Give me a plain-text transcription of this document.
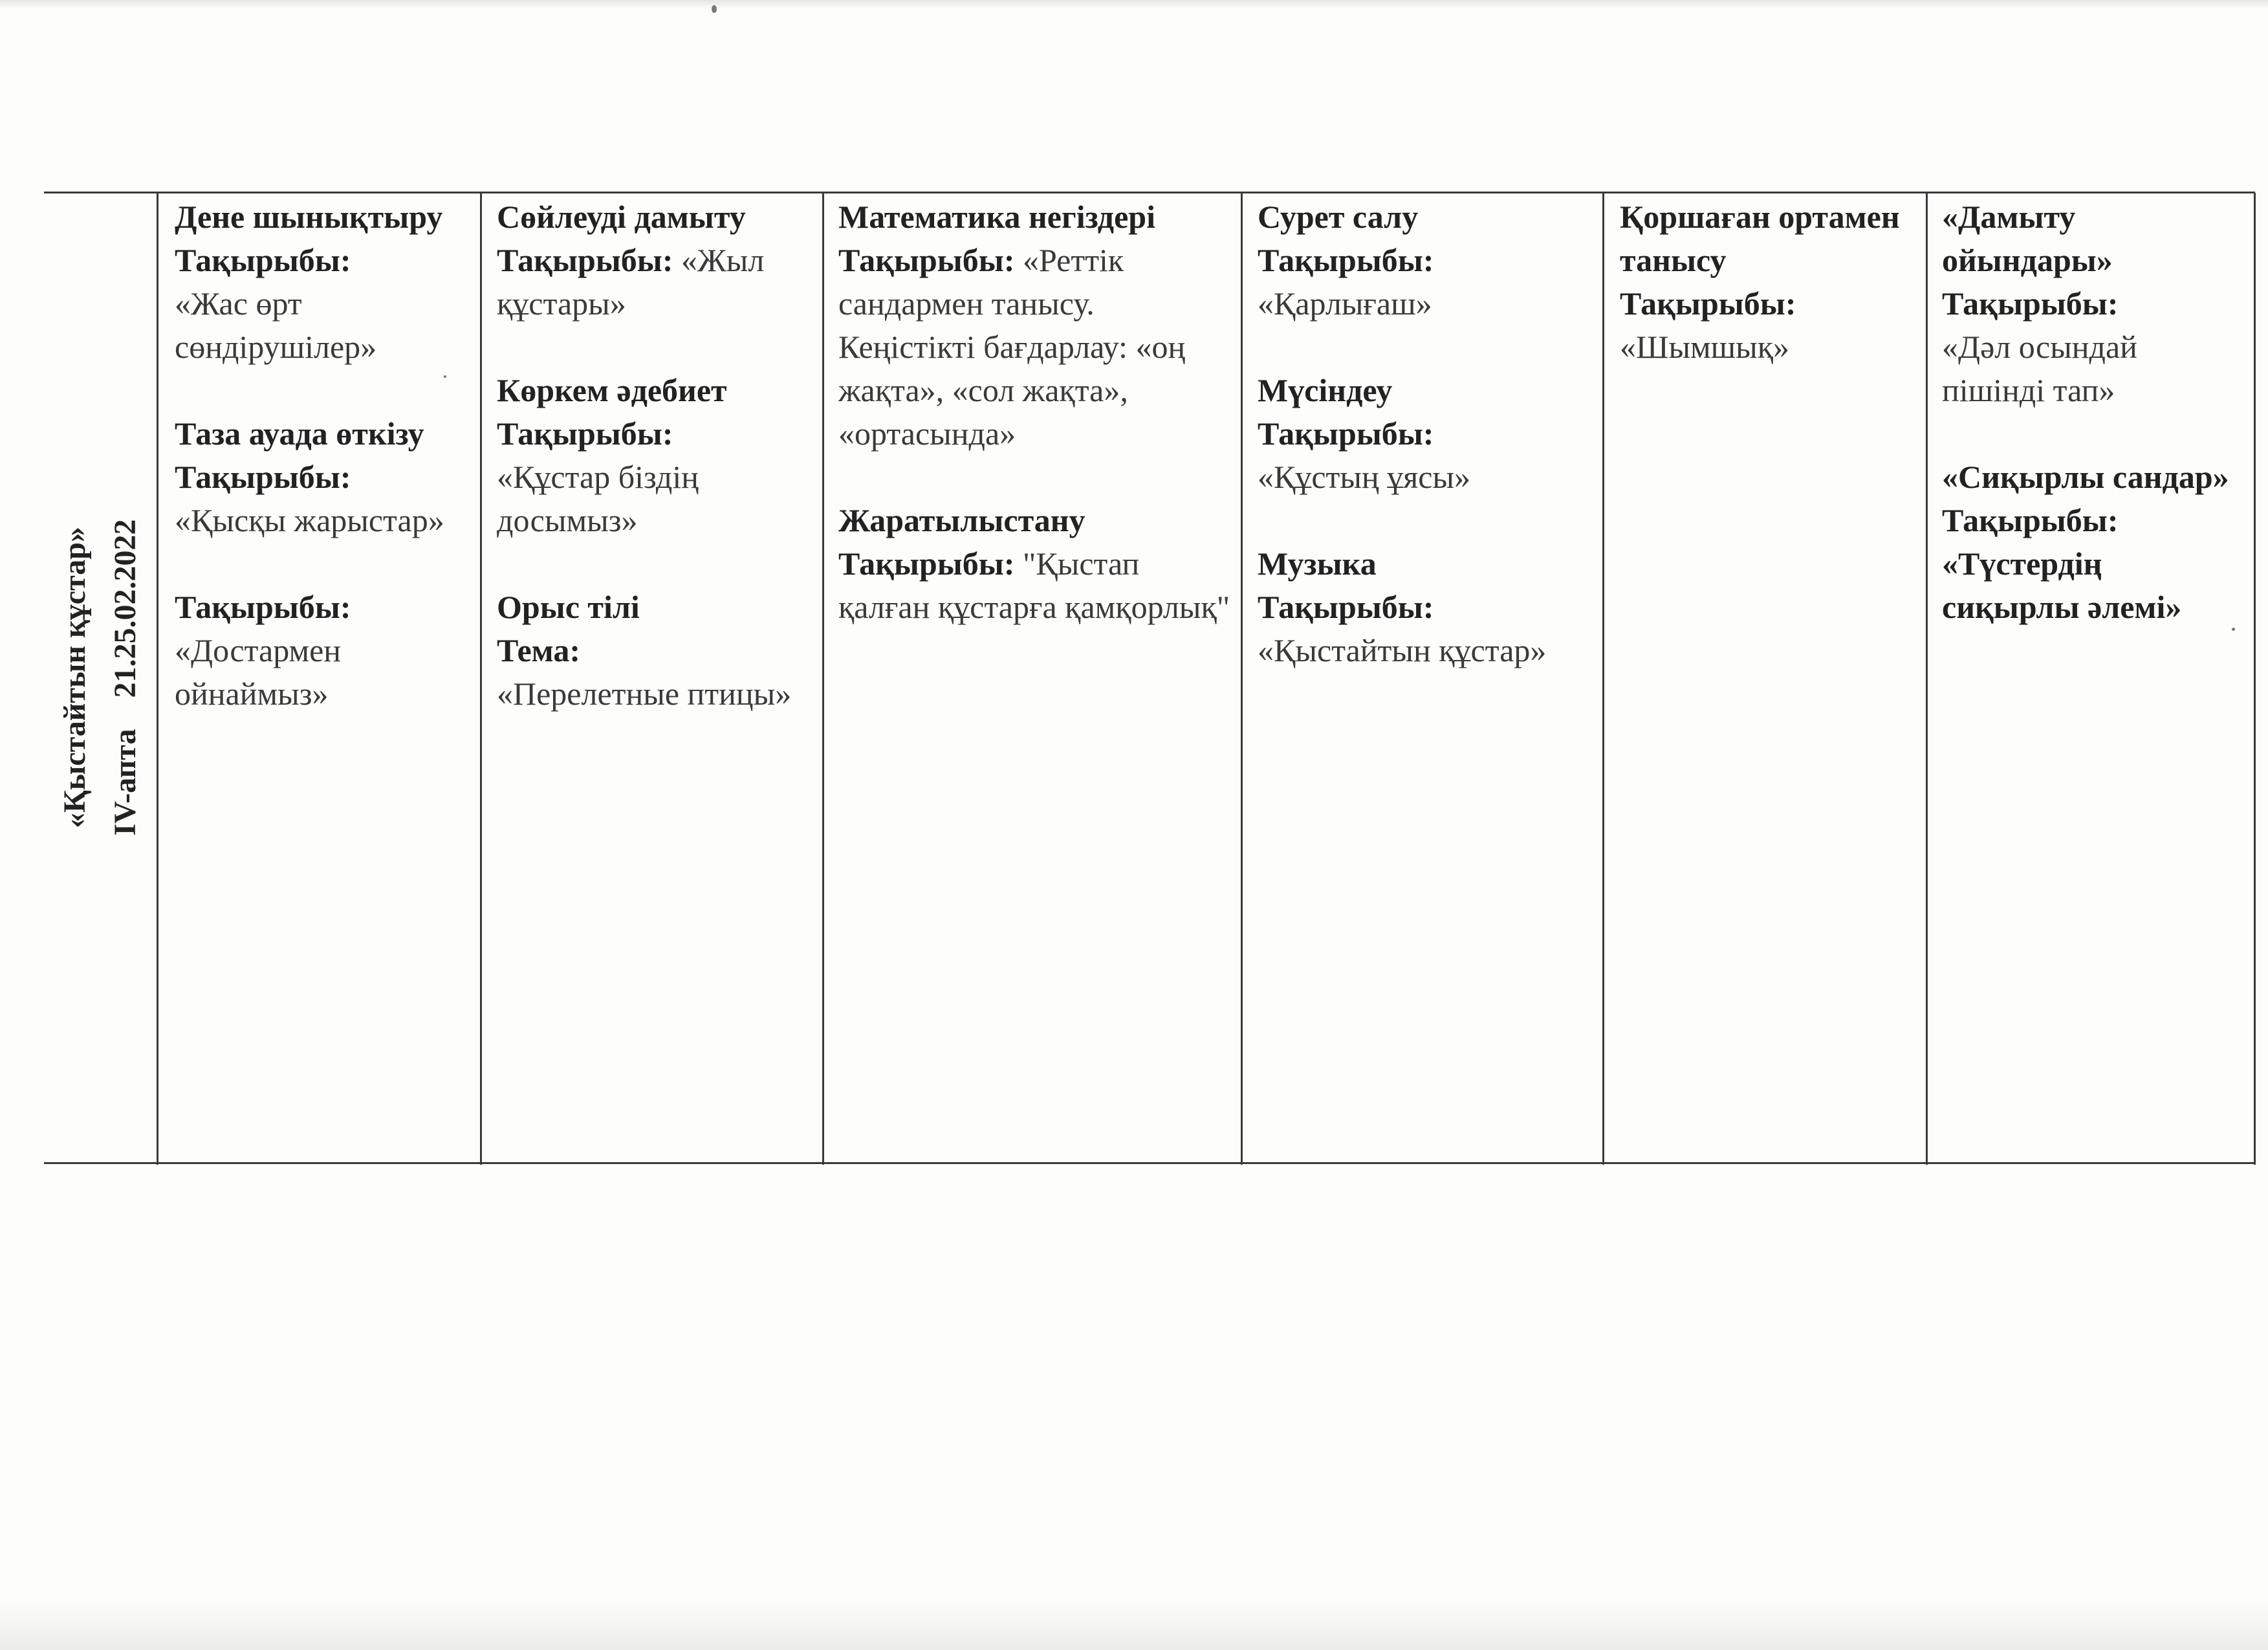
«Қыстайтын құстар» IV-апта    21.25.02.2022
Дене шынықтыру
Тақырыбы:
«Жас өрт сөндірушілер»
Таза ауада өткізу
Тақырыбы:
«Қысқы жарыстар»
Тақырыбы:
«Достармен ойнаймыз»
Сөйлеуді дамыту
Тақырыбы: «Жыл құстары»
Көркем әдебиет
Тақырыбы:
«Құстар біздің досымыз»
Орыс тілі
Тема:
«Перелетные птицы»
Математика негіздері
Тақырыбы: «Реттік сандармен танысу. Кеңістікті бағдарлау: «оң жақта», «сол жақта», «ортасында»
Жаратылыстану
Тақырыбы: "Қыстап қалған құстарға қамқорлық"
Сурет салу
Тақырыбы:
«Қарлығаш»
Мүсіндеу
Тақырыбы:
«Құстың ұясы»
Музыка
Тақырыбы:
«Қыстайтын құстар»
Қоршаған ортамен танысу
Тақырыбы:
«Шымшық»
«Дамыту ойындары»
Тақырыбы:
«Дәл осындай пішінді тап»
«Сиқырлы сандар»
Тақырыбы:
«Түстердің сиқырлы әлемі»
